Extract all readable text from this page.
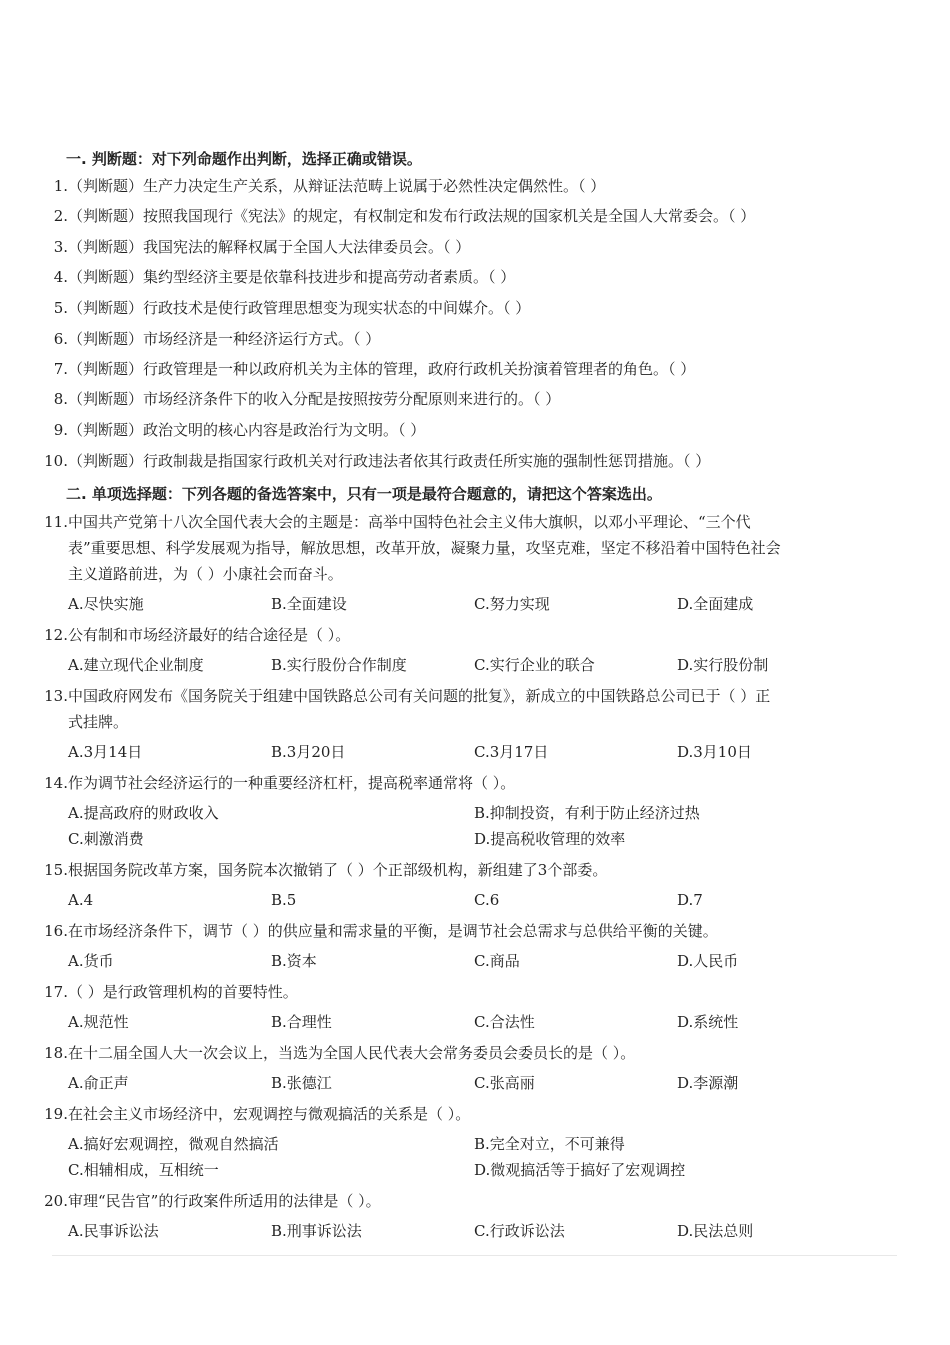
一. 判断题：对下列命题作出判断，选择正确或错误。
1.（判断题）生产力决定生产关系，从辩证法范畴上说属于必然性决定偶然性。（ ）
2.（判断题）按照我国现行《宪法》的规定，有权制定和发布行政法规的国家机关是全国人大常委会。（ ）
3.（判断题）我国宪法的解释权属于全国人大法律委员会。（ ）
4.（判断题）集约型经济主要是依靠科技进步和提高劳动者素质。（ ）
5.（判断题）行政技术是使行政管理思想变为现实状态的中间媒介。（ ）
6.（判断题）市场经济是一种经济运行方式。（ ）
7.（判断题）行政管理是一种以政府机关为主体的管理，政府行政机关扮演着管理者的角色。（ ）
8.（判断题）市场经济条件下的收入分配是按照按劳分配原则来进行的。（ ）
9.（判断题）政治文明的核心内容是政治行为文明。（ ）
10.（判断题）行政制裁是指国家行政机关对行政违法者依其行政责任所实施的强制性惩罚措施。（ ）
二. 单项选择题：下列各题的备选答案中，只有一项是最符合题意的，请把这个答案选出。
11.中国共产党第十八次全国代表大会的主题是：高举中国特色社会主义伟大旗帜，以邓小平理论、“三个代
表”重要思想、科学发展观为指导，解放思想，改革开放，凝聚力量，攻坚克难，坚定不移沿着中国特色社会
主义道路前进，为（ ）小康社会而奋斗。
A.尽快实施	B.全面建设	C.努力实现	D.全面建成
12.公有制和市场经济最好的结合途径是（ ）。
A.建立现代企业制度	B.实行股份合作制度	C.实行企业的联合	D.实行股份制
13.中国政府网发布《国务院关于组建中国铁路总公司有关问题的批复》，新成立的中国铁路总公司已于（ ）正
式挂牌。
A.3月14日	B.3月20日	C.3月17日	D.3月10日
14.作为调节社会经济运行的一种重要经济杠杆，提高税率通常将（ ）。
A.提高政府的财政收入	B.抑制投资，有利于防止经济过热
C.刺激消费	D.提高税收管理的效率
15.根据国务院改革方案，国务院本次撤销了（ ）个正部级机构，新组建了3个部委。
A.4	B.5	C.6	D.7
16.在市场经济条件下，调节（ ）的供应量和需求量的平衡，是调节社会总需求与总供给平衡的关键。
A.货币	B.资本	C.商品	D.人民币
17.（ ）是行政管理机构的首要特性。
A.规范性	B.合理性	C.合法性	D.系统性
18.在十二届全国人大一次会议上，当选为全国人民代表大会常务委员会委员长的是（ ）。
A.俞正声	B.张德江	C.张高丽	D.李源潮
19.在社会主义市场经济中，宏观调控与微观搞活的关系是（ ）。
A.搞好宏观调控，微观自然搞活	B.完全对立，不可兼得
C.相辅相成，互相统一	D.微观搞活等于搞好了宏观调控
20.审理“民告官”的行政案件所适用的法律是（ ）。
A.民事诉讼法	B.刑事诉讼法	C.行政诉讼法	D.民法总则
